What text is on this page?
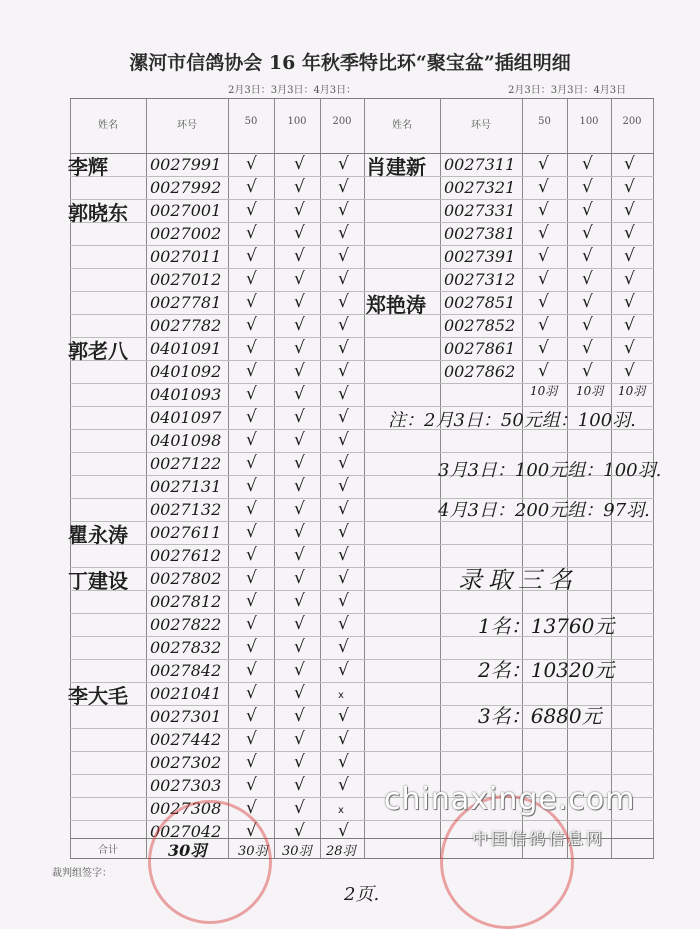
漯河市信鸽协会 16 年秋季特比环“聚宝盆”插组明细
2月3日：3月3日：4月3日：	2月3日：3月3日：4月3日
姓名	环号	50	100	200	姓名	环号	50	100	200
李辉	0027991 √ √ √
0027992 √ √ √
郭晓东 0027001 √ √ √
0027002 √ √ √
0027011 √ √ √
0027012 √ √ √
0027781 √ √ √
0027782 √ √ √
郭老八 0401091 √ √ √
0401092 √ √ √
0401093 √ √ √
0401097 √ √ √
0401098 √ √ √
0027122 √ √ √
0027131 √ √ √
0027132 √ √ √
瞿永涛 0027611 √ √ √
0027612 √ √ √
丁建设 0027802 √ √ √
0027812 √ √ √
0027822 √ √ √
0027832 √ √ √
0027842 √ √ √
李大毛 0021041 √ √	x
0027301 √ √ √
0027442 √ √ √
0027302 √ √ √
0027303 √ √ √
0027308 √ √	x
0027042 √ √ √
肖建新 0027311 √ √ √
0027321 √ √ √
0027331 √ √ √
0027381 √ √ √
0027391 √ √ √
0027312 √ √ √
郑艳涛 0027851 √ √ √
0027852 √ √ √
0027861 √ √ √
0027862 √ √ √
10羽 10羽 10羽
注：2月3日：50元组：100羽.
3月3日：100元组：100羽.
4月3日：200元组：97羽.
录取三名
1名：13760元
2名：10320元
3名：6880元
合计	30羽 30羽 30羽 28羽
裁判组签字：
2页.
chinaxinge.com
中国信鸽信息网
